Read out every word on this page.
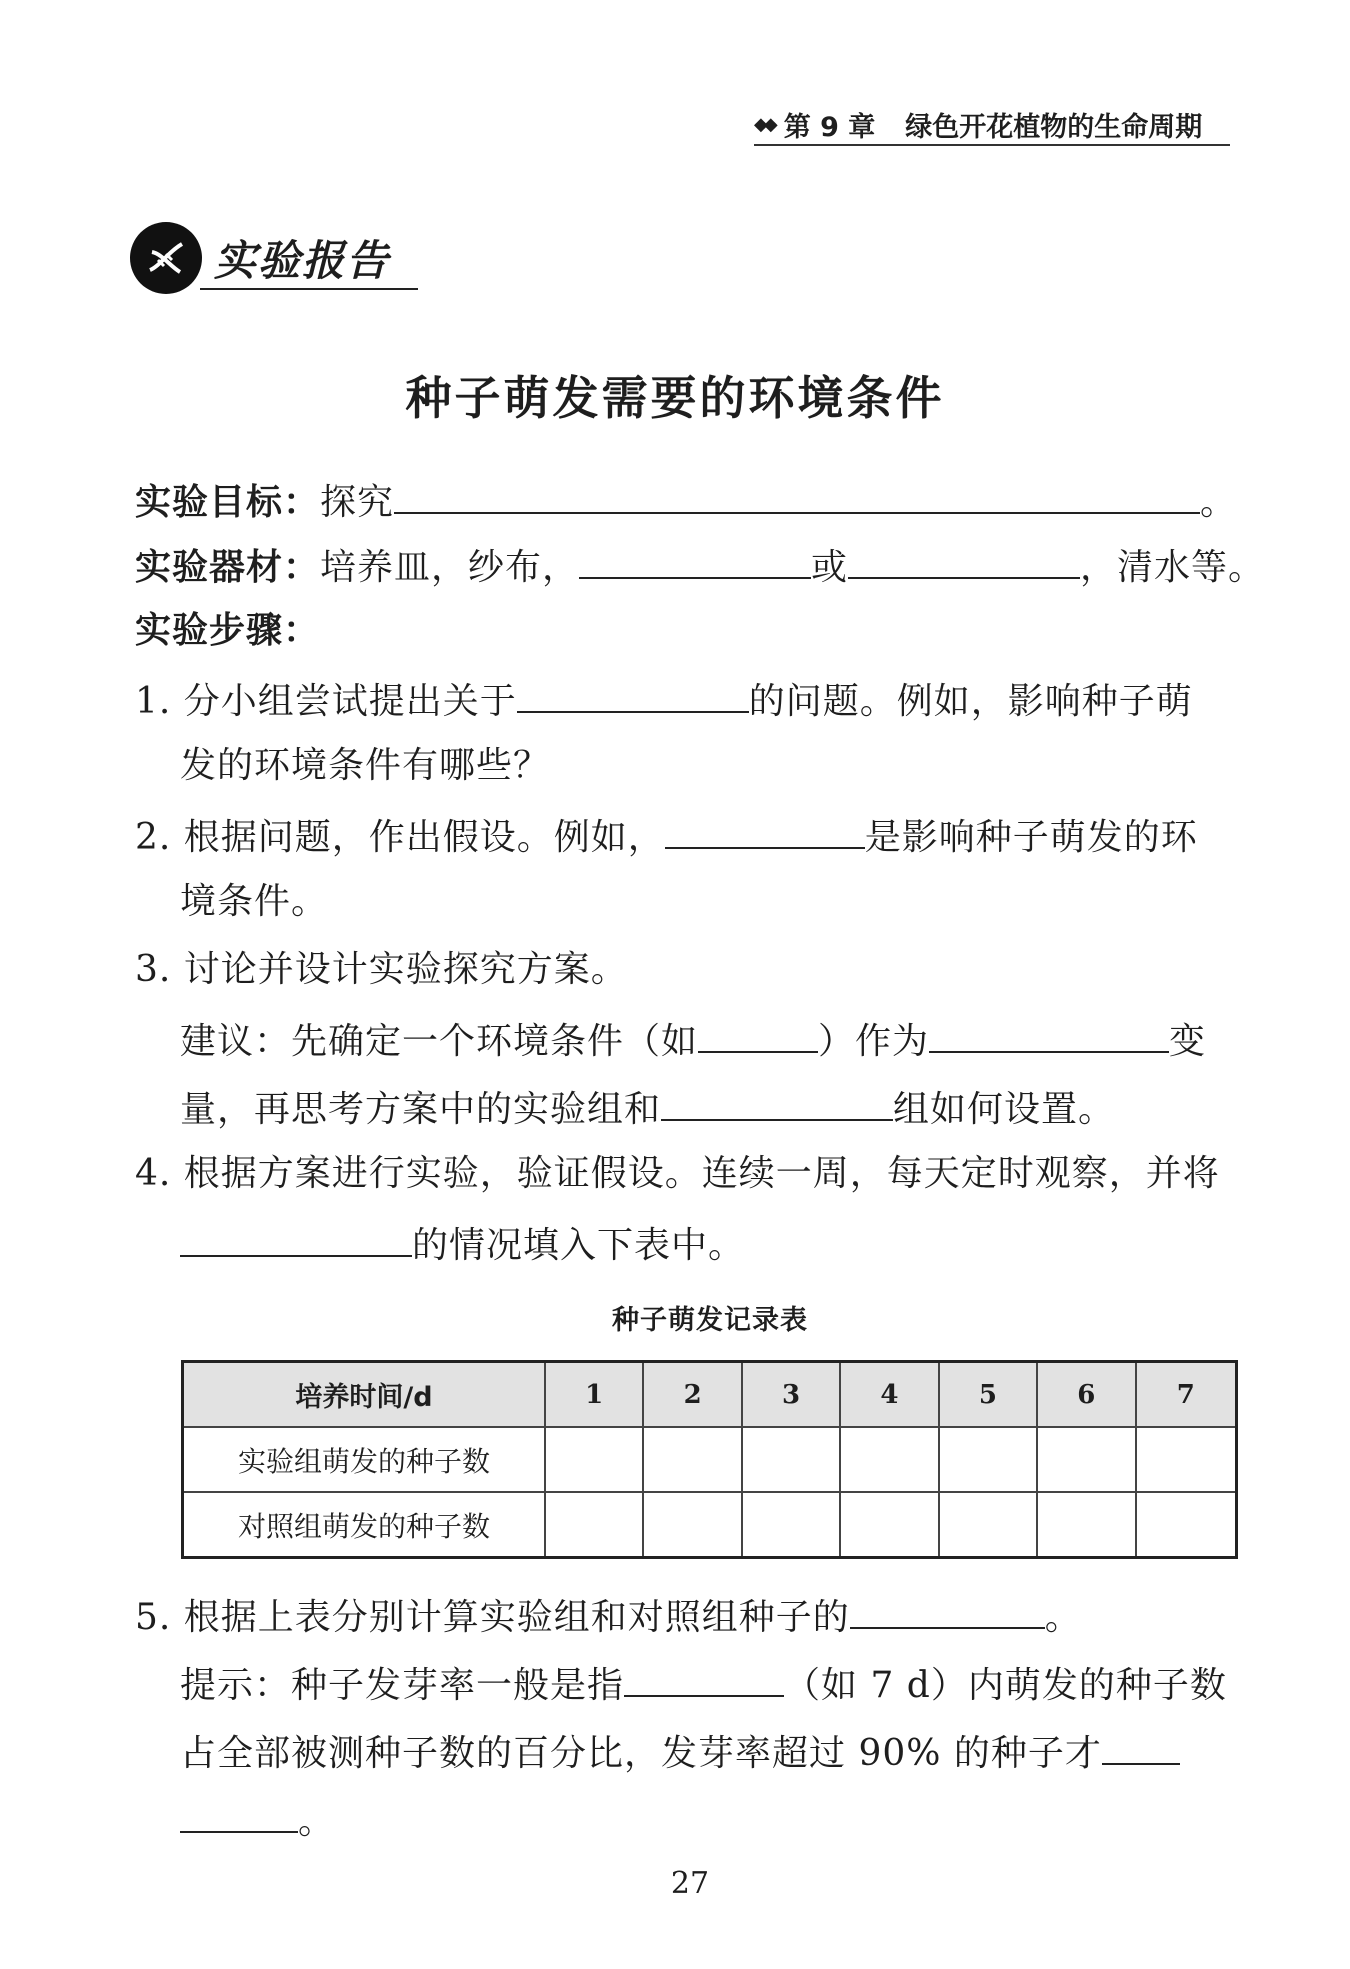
◆◆ 第 9 章 绿色开花植物的生命周期
实验报告
种子萌发需要的环境条件
实验目标：探究	。
实验器材：培养皿，纱布，	或	，清水等。
实验步骤：
1. 分小组尝试提出关于	的问题。例如，影响种子萌
发的环境条件有哪些？
2. 根据问题，作出假设。例如，	是影响种子萌发的环
境条件。
3. 讨论并设计实验探究方案。
建议：先确定一个环境条件（如	）作为	变
量，再思考方案中的实验组和	组如何设置。
4. 根据方案进行实验，验证假设。连续一周，每天定时观察，并将
的情况填入下表中。
种子萌发记录表
培养时间/d	1	2	3	4	5	6	7
实验组萌发的种子数							
对照组萌发的种子数							
5. 根据上表分别计算实验组和对照组种子的	。
提示：种子发芽率一般是指	（如 7 d）内萌发的种子数
占全部被测种子数的百分比，发芽率超过 90% 的种子才
。
27
